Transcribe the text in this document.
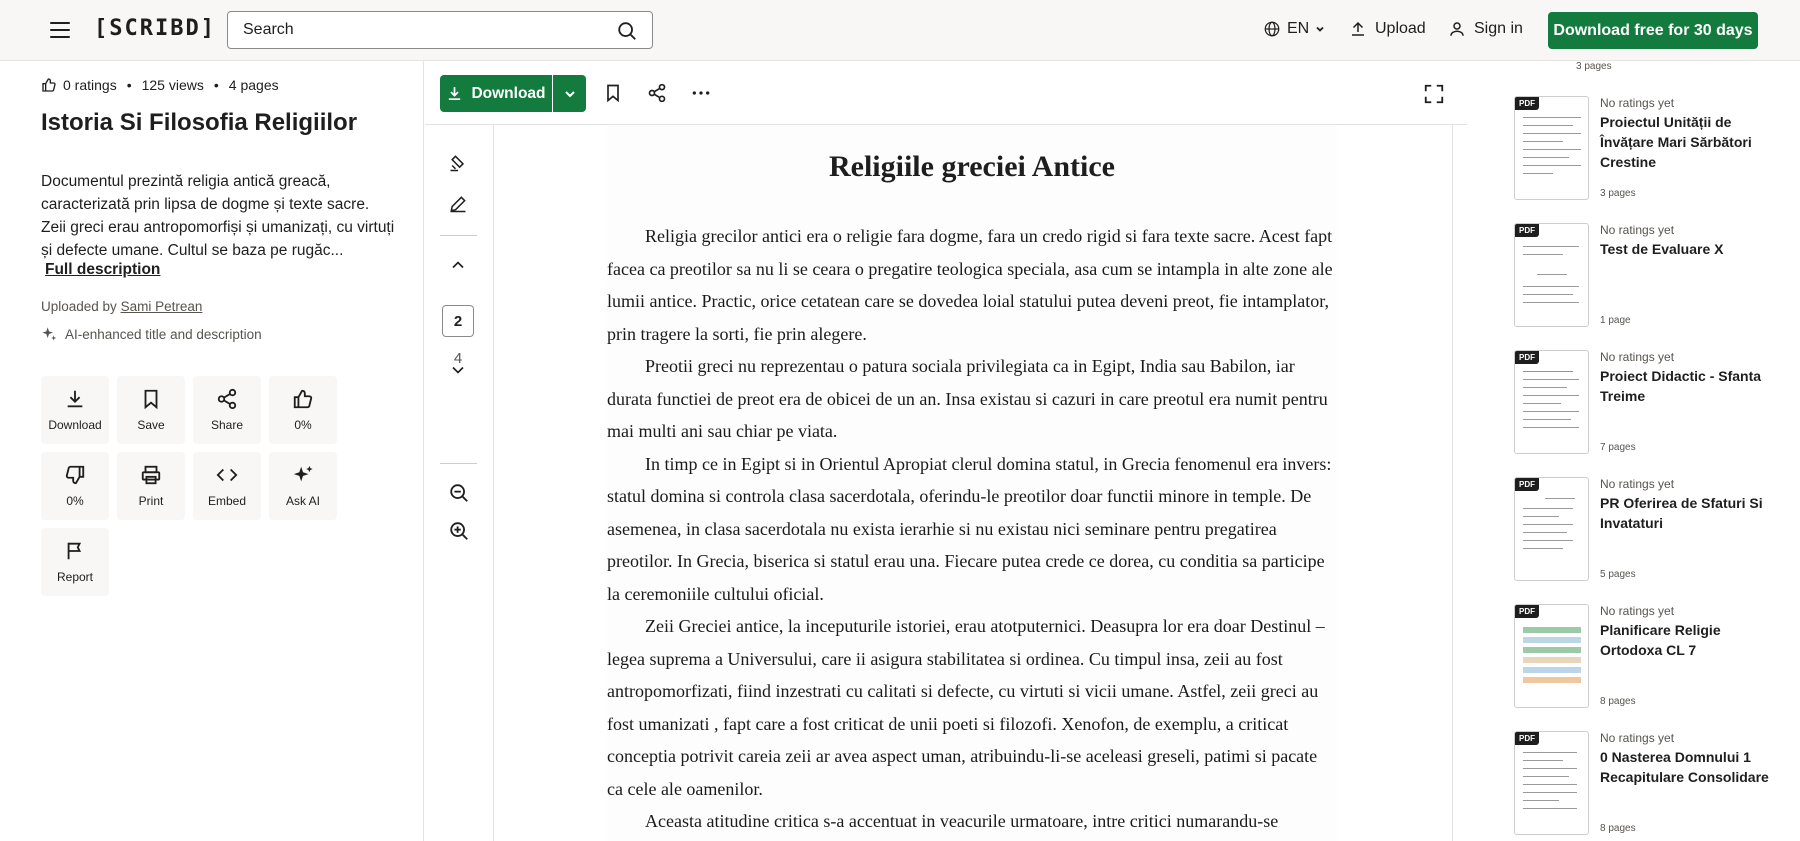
[SCRIBD]
Search	EN	Upload	Sign in	Download free for 30 days
0 ratings • 125 views • 4 pages
Istoria Si Filosofia Religiilor

Documentul prezintă religia antică greacă, caracterizată prin lipsa de dogme și texte sacre. Zeii greci erau antropomorfiși și umanizați, cu virtuți și defecte umane. Cultul se baza pe rugăc...

Full description
Uploaded by Sami Petrean
AI-enhanced title and description
Download	Save	Share	0%
0%	Print	Embed	Ask AI
Report
Download
2
4
Religiile greciei Antice

Religia grecilor antici era o religie fara dogme, fara un credo rigid si fara texte sacre. Acest fapt facea ca preotilor sa nu li se ceara o pregatire teologica speciala, asa cum se intampla in alte zone ale lumii antice. Practic, orice cetatean care se dovedea loial statului putea deveni preot, fie intamplator, prin tragere la sorti, fie prin alegere.

Preotii greci nu reprezentau o patura sociala privilegiata ca in Egipt, India sau Babilon, iar durata functiei de preot era de obicei de un an. Insa existau si cazuri in care preotul era numit pentru mai multi ani sau chiar pe viata.

In timp ce in Egipt si in Orientul Apropiat clerul domina statul, in Grecia fenomenul era invers: statul domina si controla clasa sacerdotala, oferindu-le preotilor doar functii minore in temple. De asemenea, in clasa sacerdotala nu exista ierarhie si nu existau nici seminare pentru pregatirea preotilor. In Grecia, biserica si statul erau una. Fiecare putea crede ce dorea, cu conditia sa participe la ceremoniile cultului oficial.

Zeii Greciei antice, la inceputurile istoriei, erau atotputernici. Deasupra lor era doar Destinul – legea suprema a Universului, care ii asigura stabilitatea si ordinea. Cu timpul insa, zeii au fost antropomorfizati, fiind inzestrati cu calitati si defecte, cu virtuti si vicii umane. Astfel, zeii greci au fost umanizati , fapt care a fost criticat de unii poeti si filozofi. Xenofon, de exemplu, a criticat conceptia potrivit careia zeii ar avea aspect uman, atribuindu-li-se aceleasi greseli, patimi si pacate ca cele ale oamenilor.

Aceasta atitudine critica s-a accentuat in veacurile urmatoare, intre critici numarandu-se

3 pages
PDF	No ratings yet
Proiectul Unității de Învățare Mari Sărbători Crestine
3 pages
PDF	No ratings yet
Test de Evaluare X
1 page
PDF	No ratings yet
Proiect Didactic - Sfanta Treime
7 pages
PDF	No ratings yet
PR Oferirea de Sfaturi Si Invataturi
5 pages
PDF	No ratings yet
Planificare Religie Ortodoxa CL 7
8 pages
PDF	No ratings yet
0 Nasterea Domnului 1 Recapitulare Consolidare
8 pages
